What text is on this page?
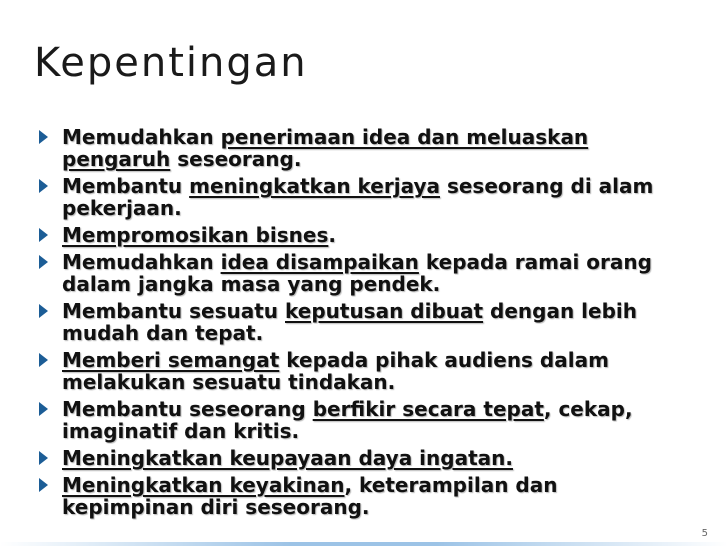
Kepentingan
Memudahkan penerimaan idea dan meluaskan pengaruh seseorang.
Membantu meningkatkan kerjaya seseorang di alam pekerjaan.
Mempromosikan bisnes.
Memudahkan idea disampaikan kepada ramai orang dalam jangka masa yang pendek.
Membantu sesuatu keputusan dibuat dengan lebih mudah dan tepat.
Memberi semangat kepada pihak audiens dalam melakukan sesuatu tindakan.
Membantu seseorang berfikir secara tepat, cekap, imaginatif dan kritis.
Meningkatkan keupayaan daya ingatan.
Meningkatkan keyakinan, keterampilan dan kepimpinan diri seseorang.
5
